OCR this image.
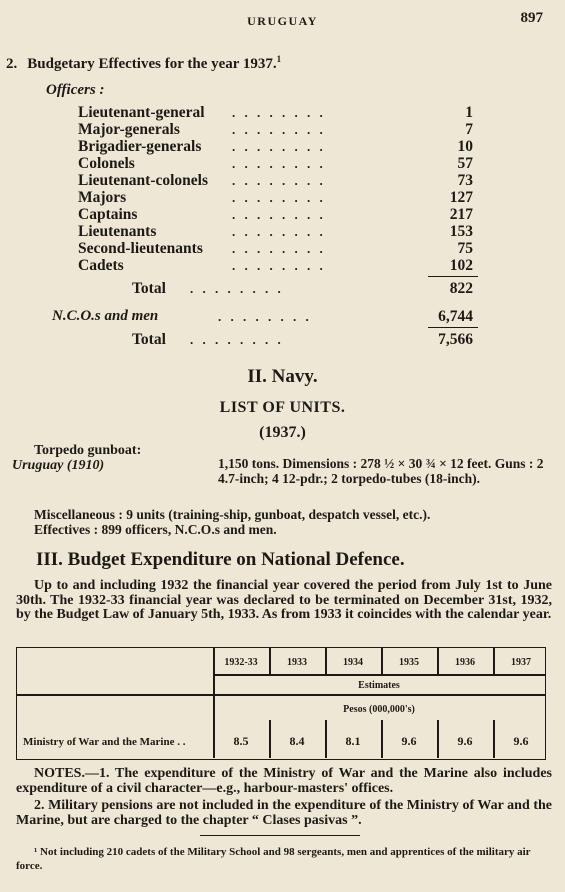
URUGUAY	897
2. Budgetary Effectives for the year 1937.$^1$
Officers :
Lieutenant-general . . . . . . . .	1
Major-generals	. . . . . . . .	7
Brigadier-generals . . . . . . . .	10
Colonels	. . . . . . . .	57
Lieutenant-colonels . . . . . . . .	73
Majors	. . . . . . . .	127
Captains	. . . . . . . .	217
Lieutenants	. . . . . . . .	153
Second-lieutenants . . . . . . . .	75
Cadets	. . . . . . . .	102
Total . . . . . . . .	822
N.C.O.s and men	. . . . . . . .	6,744
Total . . . . . . . .	7,566
II. Navy.
LIST OF UNITS.
(1937.)
Torpedo gunboat:
Uruguay (1910)	1,150 tons. Dimensions : 278 ½ × 30 ¾ × 12 feet. Guns : 2 4.7-inch; 4 12-pdr.; 2 torpedo-tubes (18-inch).
Miscellaneous : 9 units (training-ship, gunboat, despatch vessel, etc.).
Effectives : 899 officers, N.C.O.s and men.
III. Budget Expenditure on National Defence.
Up to and including 1932 the financial year covered the period from July 1st to June 30th. The 1932-33 financial year was declared to be terminated on December 31st, 1932, by the Budget Law of January 5th, 1933. As from 1933 it coincides with the calendar year.
1932-33	1933	1934	1935	1936	1937
Estimates
Pesos (000,000's)
Ministry of War and the Marine . .	8.5	8.4	8.1	9.6	9.6	9.6

NOTES.—1. The expenditure of the Ministry of War and the Marine also includes expenditure of a civil character—e.g., harbour-masters' offices.

2. Military pensions are not included in the expenditure of the Ministry of War and the Marine, but are charged to the chapter “ Clases pasivas ”.

¹ Not including 210 cadets of the Military School and 98 sergeants, men and apprentices of the military air force.
